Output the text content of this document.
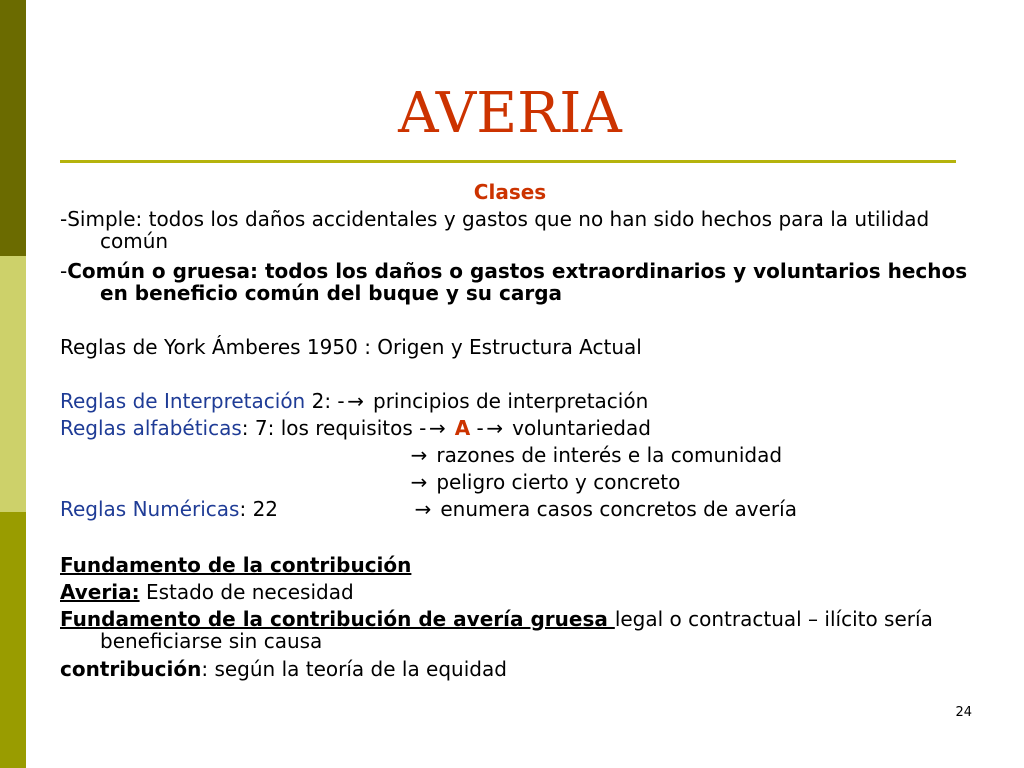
AVERIA
Clases
-Simple: todos los daños accidentales y gastos que no han sido hechos para la utilidad común
-Común o gruesa: todos los daños o gastos extraordinarios y voluntarios hechos en beneficio común del buque y su carga
Reglas de York Ámberes 1950 : Origen y Estructura Actual
Reglas de Interpretación 2: - → principios de interpretación
Reglas alfabéticas: 7: los requisitos - → A - → voluntariedad
→ razones de interés e la comunidad
→ peligro cierto y concreto
Reglas Numéricas: 22	→ enumera casos concretos de avería
Fundamento de la contribución
Averia: Estado de necesidad
Fundamento de la contribución de avería gruesa legal o contractual – ilícito sería beneficiarse sin causa
contribución: según la teoría de la equidad
24
